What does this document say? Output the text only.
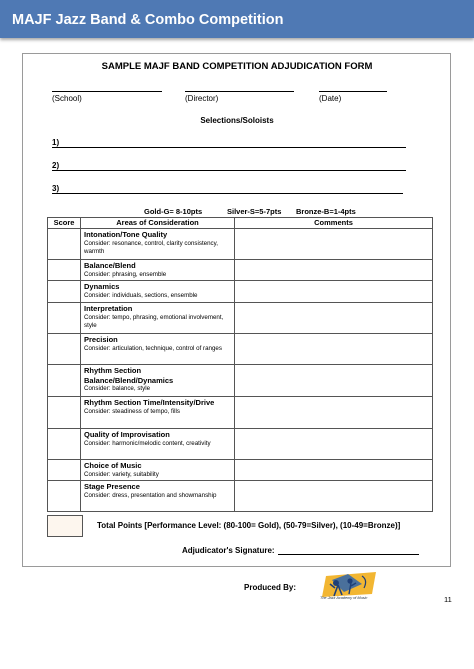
MAJF Jazz Band & Combo Competition
SAMPLE MAJF BAND COMPETITION ADJUDICATION FORM
(School)	(Director)	(Date)
Selections/Soloists
1)
2)
3)
Gold-G= 8-10pts	Silver-S=5-7pts Bronze-B=1-4pts
Score	Areas of Consideration	Comments

	Intonation/Tone Quality
Consider: resonance, control, clarity consistency, warmth	

	Balance/Blend
Consider: phrasing, ensemble	

	Dynamics
Consider: individuals, sections, ensemble	

	Interpretation
Consider: tempo, phrasing, emotional involvement, style	

	Precision
Consider: articulation, technique, control of ranges	

	Rhythm Section Balance/Blend/Dynamics
Consider: balance, style	

	Rhythm Section Time/Intensity/Drive
Consider: steadiness of tempo, fills	

	Quality of Improvisation
Consider: harmonic/melodic content, creativity	

	Choice of Music
Consider: variety, suitability	

	Stage Presence
Consider: dress, presentation and showmanship	

Total Points [Performance Level: (80-100= Gold), (50-79=Silver), (10-49=Bronze)]
Adjudicator's Signature:
Produced By:
The Jazz Academy of Music	11
